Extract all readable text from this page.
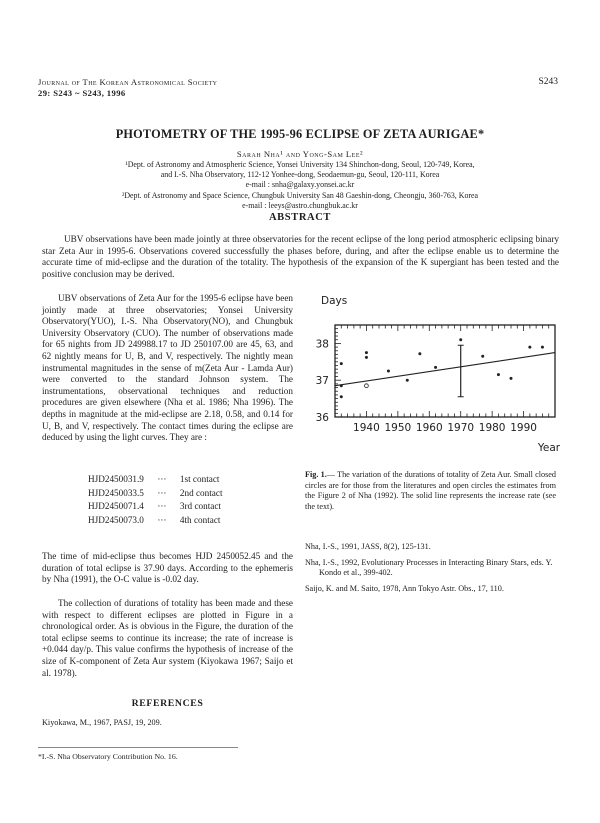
Journal of The Korean Astronomical Society
29: S243 ~ S243, 1996
S243
PHOTOMETRY OF THE 1995-96 ECLIPSE OF ZETA AURIGAE*
Sarah Nha¹ and Yong-Sam Lee²
¹Dept. of Astronomy and Atmospheric Science, Yonsei University 134 Shinchon-dong, Seoul, 120-749, Korea,
and I.-S. Nha Observatory, 112-12 Yonhee-dong, Seodaemun-gu, Seoul, 120-111, Korea
e-mail : snha@galaxy.yonsei.ac.kr
²Dept. of Astronomy and Space Science, Chungbuk University San 48 Gaeshin-dong, Cheongju, 360-763, Korea
e-mail : leeys@astro.chungbuk.ac.kr
ABSTRACT
UBV observations have been made jointly at three observatories for the recent eclipse of the long period atmospheric eclipsing binary star Zeta Aur in 1995-6. Observations covered successfully the phases before, during, and after the eclipse enable us to determine the accurate time of mid-eclipse and the duration of the totality. The hypothesis of the expansion of the K supergiant has been tested and the positive conclusion may be derived.
UBV observations of Zeta Aur for the 1995-6 eclipse have been jointly made at three observatories; Yonsei University Observatory(YUO), I.-S. Nha Observatory(NO), and Chungbuk University Observatory (CUO). The number of observations made for 65 nights from JD 249988.17 to JD 250107.00 are 45, 63, and 62 nightly means for U, B, and V, respectively. The nightly mean instrumental magnitudes in the sense of m(Zeta Aur - Lamda Aur) were converted to the standard Johnson system. The instrumentations, observational techniques and reduction procedures are given elsewhere (Nha et al. 1986; Nha 1996). The depths in magnitude at the mid-eclipse are 2.18, 0.58, and 0.14 for U, B, and V, respectively. The contact times during the eclipse are deduced by using the light curves. They are :
HJD2450031.9	···	1st contact
HJD2450033.5	···	2nd contact
HJD2450071.4	···	3rd contact
HJD2450073.0	···	4th contact
The time of mid-eclipse thus becomes HJD 2450052.45 and the duration of total eclipse is 37.90 days. According to the ephemeris by Nha (1991), the O-C value is -0.02 day.
The collection of durations of totality has been made and these with respect to different eclipses are plotted in Figure in a chronological order. As is obvious in the Figure, the duration of the total eclipse seems to continue its increase; the rate of increase is +0.044 day/p. This value confirms the hypothesis of increase of the size of K-component of Zeta Aur system (Kiyokawa 1967; Saijo et al. 1978).
REFERENCES
Kiyokawa, M., 1967, PASJ, 19, 209.
*I.-S. Nha Observatory Contribution No. 16.
1940 1950 1960 1970 1980 1990
36
37
38
Days
Year
Fig. 1.— The variation of the durations of totality of Zeta Aur. Small closed circles are for those from the literatures and open circles the estimates from the Figure 2 of Nha (1992). The solid line represents the increase rate (see the text).

Nha, I.-S., 1991, JASS, 8(2), 125-131.

Nha, I.-S., 1992, Evolutionary Processes in Interacting Binary Stars, eds. Y. Kondo et al., 399-402.

Saijo, K. and M. Saito, 1978, Ann Tokyo Astr. Obs., 17, 110.
